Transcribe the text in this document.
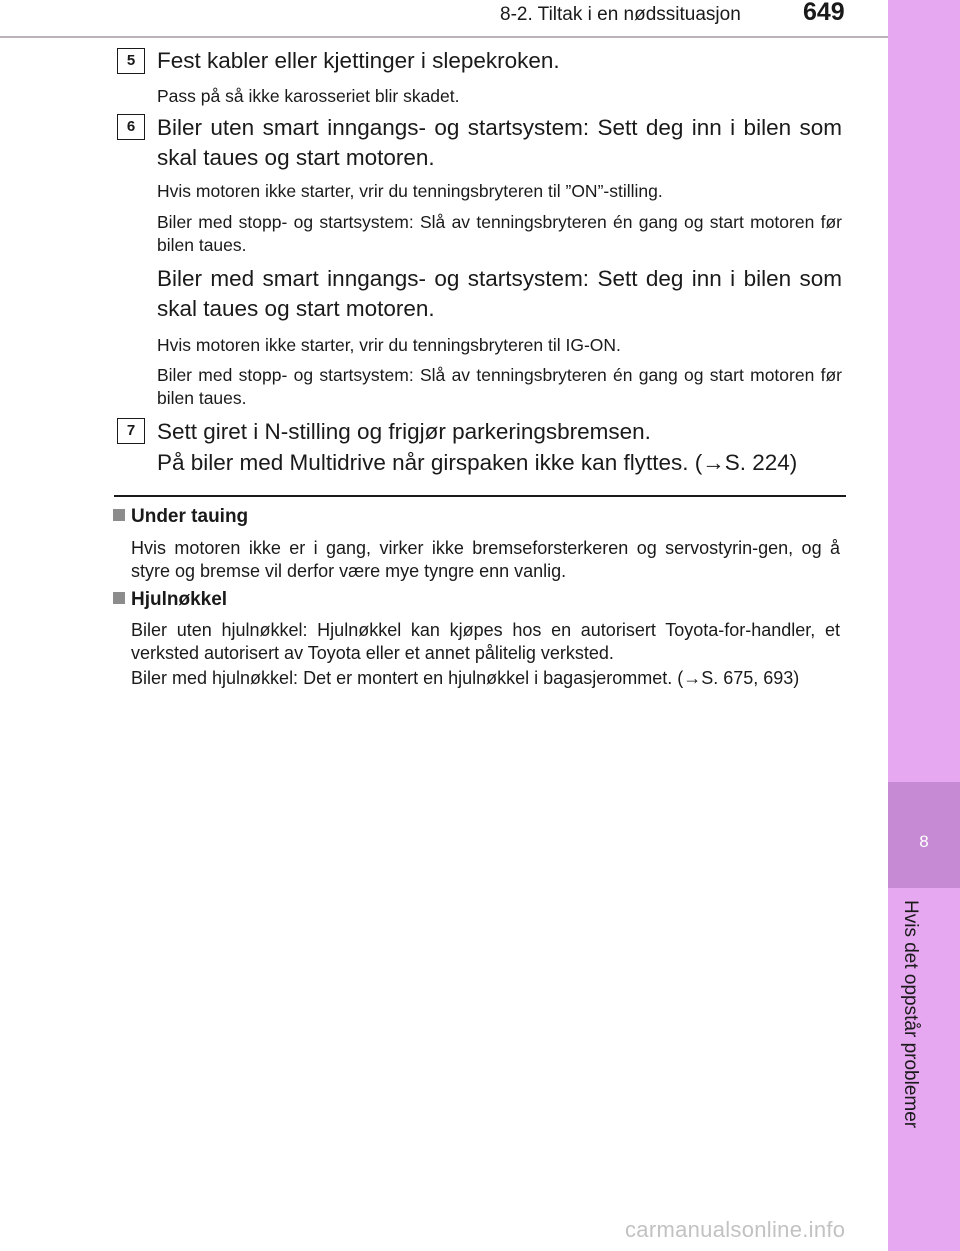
8-2. Tiltak i en nødssituasjon 649
8
Hvis det oppstår problemer
5 Fest kabler eller kjettinger i slepekroken.
Pass på så ikke karosseriet blir skadet.
6 Biler uten smart inngangs- og startsystem: Sett deg inn i bilen som skal taues og start motoren.
Hvis motoren ikke starter, vrir du tenningsbryteren til ”ON”-stilling.
Biler med stopp- og startsystem: Slå av tenningsbryteren én gang og start motoren før bilen taues.
Biler med smart inngangs- og startsystem: Sett deg inn i bilen som skal taues og start motoren.
Hvis motoren ikke starter, vrir du tenningsbryteren til IG-ON.
Biler med stopp- og startsystem: Slå av tenningsbryteren én gang og start motoren før bilen taues.
7 Sett giret i N-stilling og frigjør parkeringsbremsen.
På biler med Multidrive når girspaken ikke kan flyttes. (→S. 224)
Under tauing
Hvis motoren ikke er i gang, virker ikke bremseforsterkeren og servostyrin-gen, og å styre og bremse vil derfor være mye tyngre enn vanlig.
Hjulnøkkel
Biler uten hjulnøkkel: Hjulnøkkel kan kjøpes hos en autorisert Toyota-for-handler, et verksted autorisert av Toyota eller et annet pålitelig verksted.
Biler med hjulnøkkel: Det er montert en hjulnøkkel i bagasjerommet. (→S. 675, 693)
carmanualsonline.info
